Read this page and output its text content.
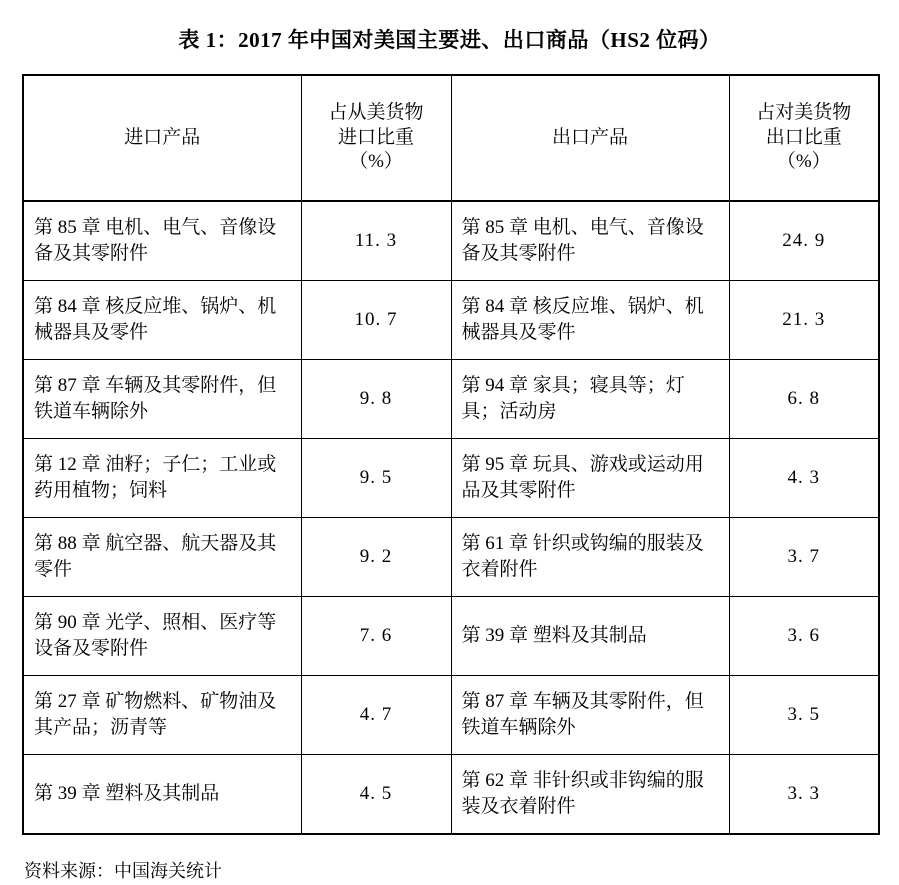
表 1：2017 年中国对美国主要进、出口商品（HS2 位码）
进口产品	占从美货物
进口比重
（%）	出口产品	占对美货物
出口比重
（%）
第 85 章 电机、电气、音像设备及其零附件	11. 3	第 85 章 电机、电气、音像设备及其零附件	24. 9
第 84 章 核反应堆、锅炉、机械器具及零件	10. 7	第 84 章 核反应堆、锅炉、机械器具及零件	21. 3
第 87 章 车辆及其零附件，但铁道车辆除外	9. 8	第 94 章 家具；寝具等；灯具；活动房	6. 8
第 12 章 油籽；子仁；工业或药用植物；饲料	9. 5	第 95 章 玩具、游戏或运动用品及其零附件	4. 3
第 88 章 航空器、航天器及其零件	9. 2	第 61 章 针织或钩编的服装及衣着附件	3. 7
第 90 章 光学、照相、医疗等设备及零附件	7. 6	第 39 章 塑料及其制品	3. 6
第 27 章 矿物燃料、矿物油及其产品；沥青等	4. 7	第 87 章 车辆及其零附件，但铁道车辆除外	3. 5
第 39 章 塑料及其制品	4. 5	第 62 章 非针织或非钩编的服装及衣着附件	3. 3
资料来源：中国海关统计
